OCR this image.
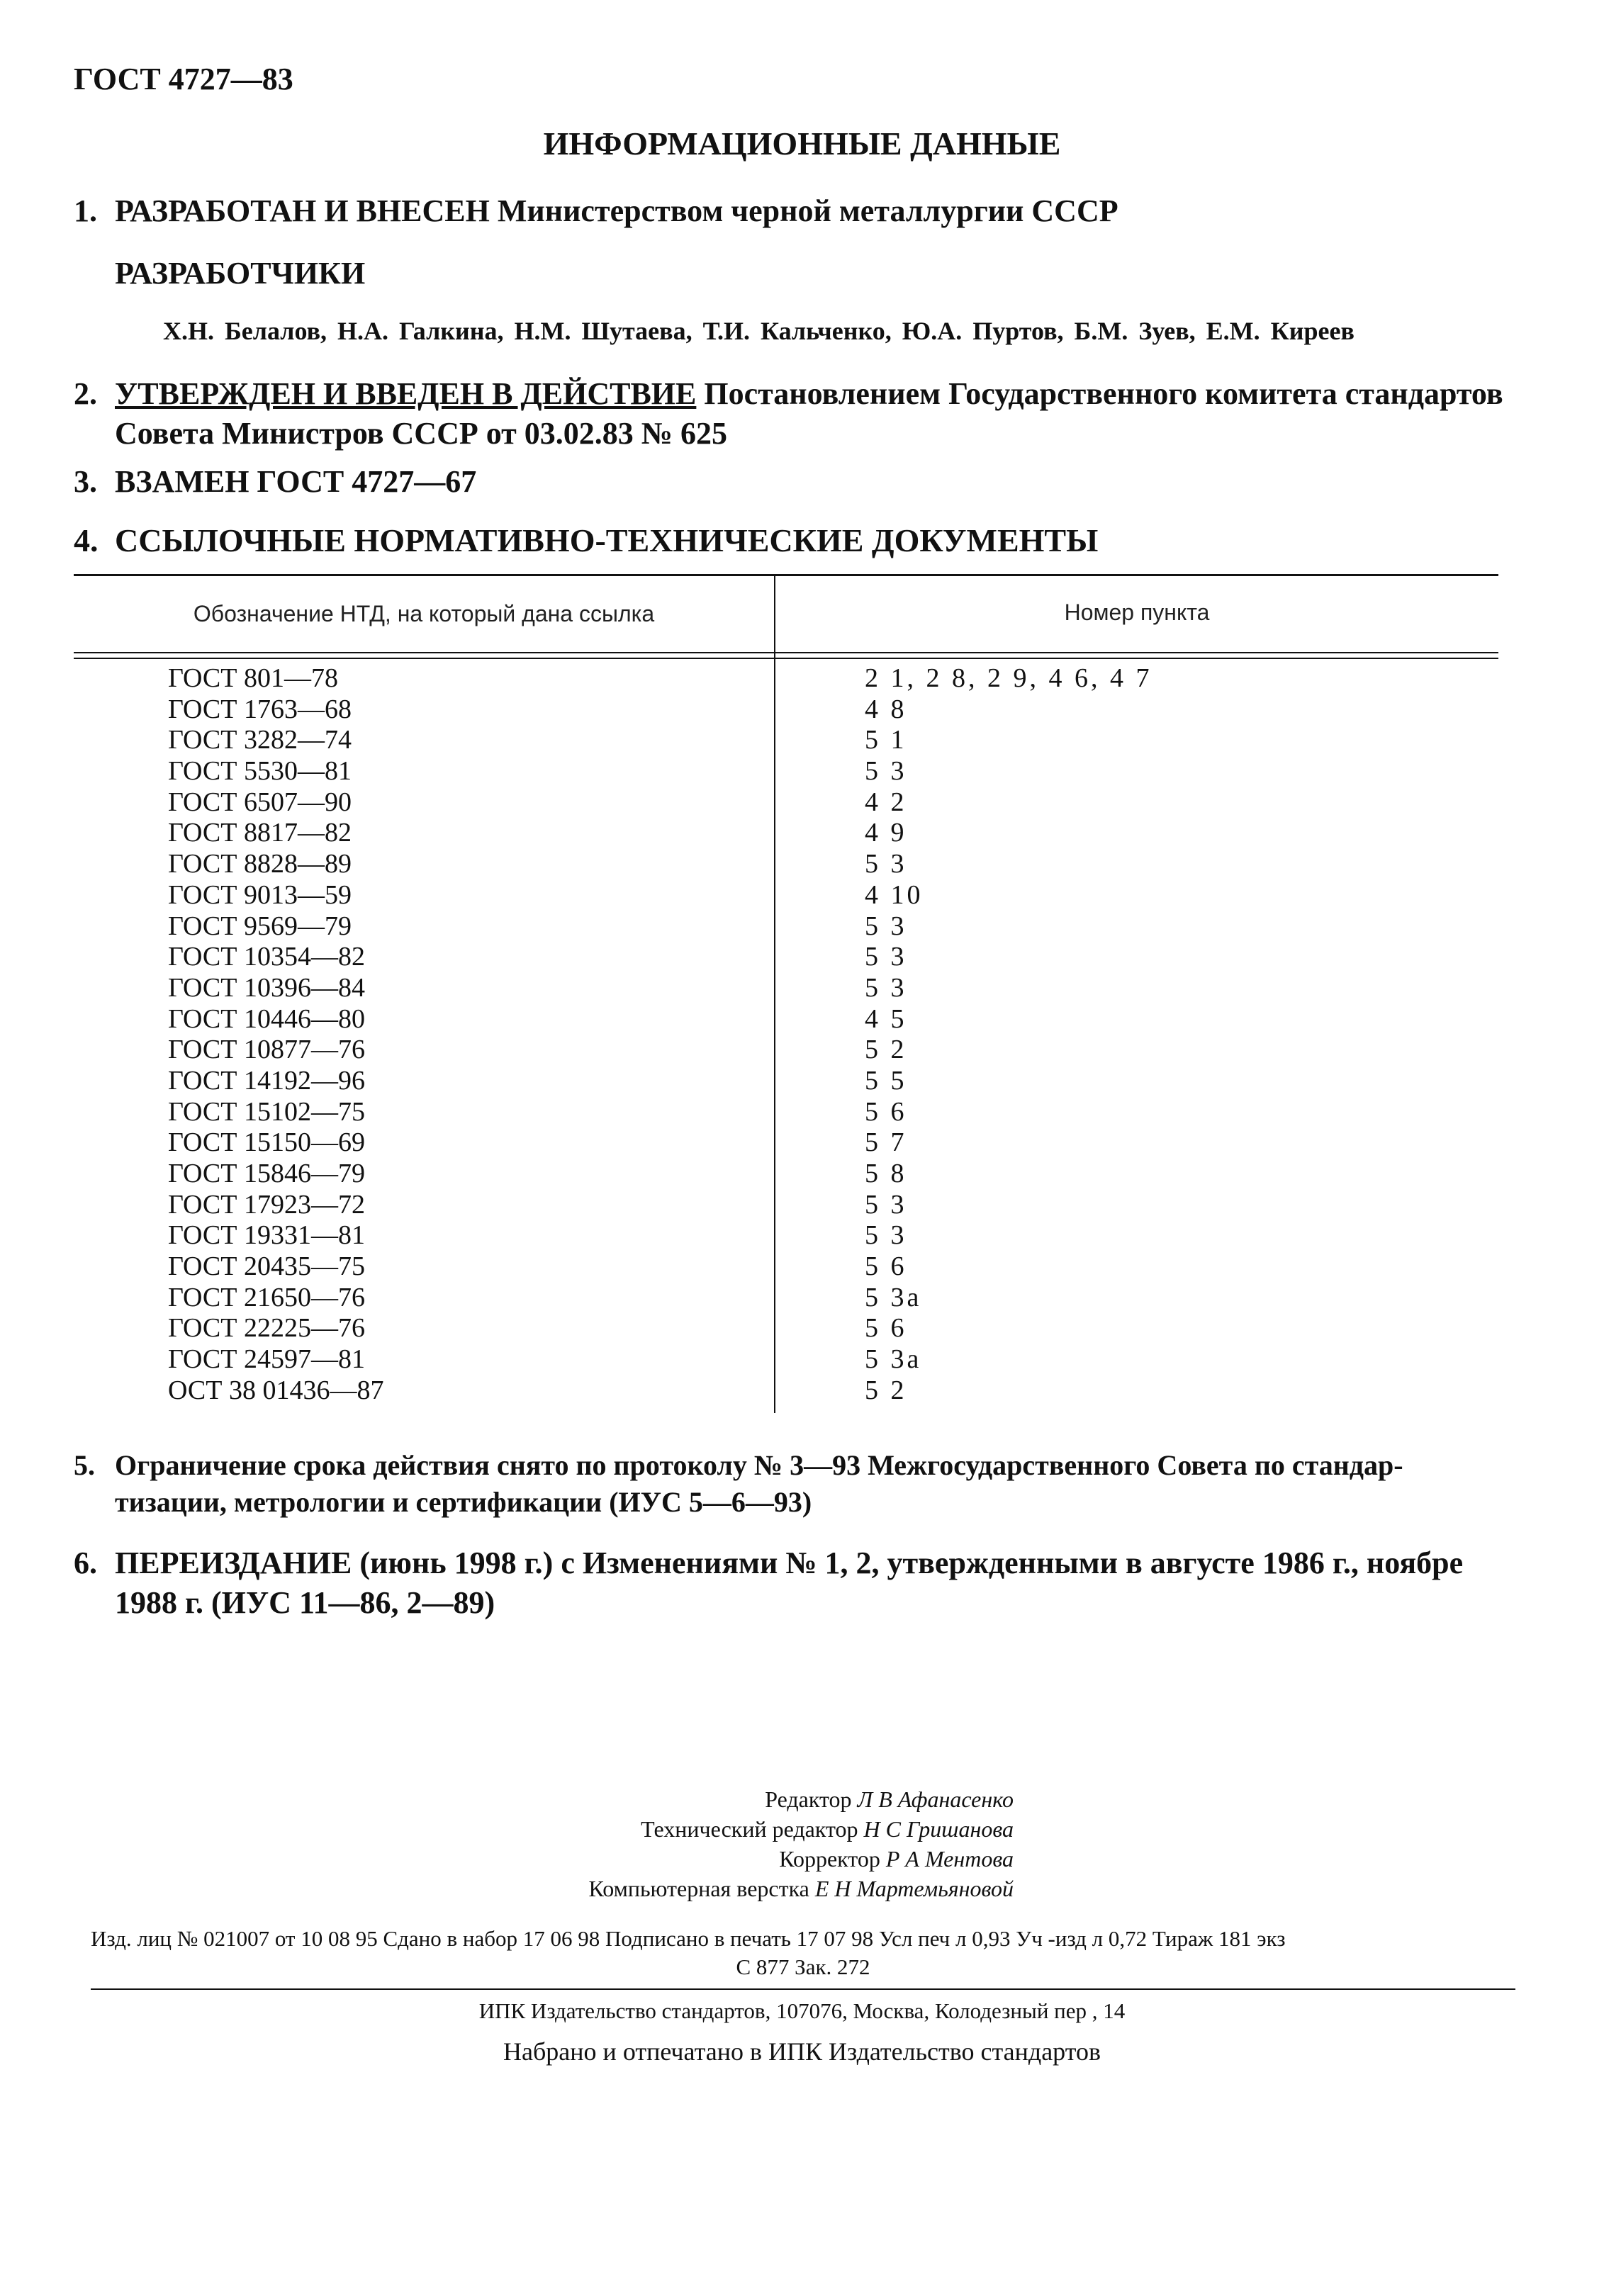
ГОСТ 4727—83
ИНФОРМАЦИОННЫЕ ДАННЫЕ
1. РАЗРАБОТАН И ВНЕСЕН Министерством черной металлургии СССР
РАЗРАБОТЧИКИ
Х.Н. Белалов, Н.А. Галкина, Н.М. Шутаева, Т.И. Кальченко, Ю.А. Пуртов, Б.М. Зуев, Е.М. Киреев
2. УТВЕРЖДЕН И ВВЕДЕН В ДЕЙСТВИЕ Постановлением Государственного комитета стандартов
Совета Министров СССР от 03.02.83 № 625
3. ВЗАМЕН ГОСТ 4727—67
4. ССЫЛОЧНЫЕ НОРМАТИВНО-ТЕХНИЧЕСКИЕ ДОКУМЕНТЫ
Обозначение НТД, на который дана ссылка	Номер пункта
ГОСТ 801—78	2 1, 2 8, 2 9, 4 6, 4 7
ГОСТ 1763—68	4 8
ГОСТ 3282—74	5 1
ГОСТ 5530—81	5 3
ГОСТ 6507—90	4 2
ГОСТ 8817—82	4 9
ГОСТ 8828—89	5 3
ГОСТ 9013—59	4 10
ГОСТ 9569—79	5 3
ГОСТ 10354—82	5 3
ГОСТ 10396—84	5 3
ГОСТ 10446—80	4 5
ГОСТ 10877—76	5 2
ГОСТ 14192—96	5 5
ГОСТ 15102—75	5 6
ГОСТ 15150—69	5 7
ГОСТ 15846—79	5 8
ГОСТ 17923—72	5 3
ГОСТ 19331—81	5 3
ГОСТ 20435—75	5 6
ГОСТ 21650—76	5 3а
ГОСТ 22225—76	5 6
ГОСТ 24597—81	5 3а
ОСТ 38 01436—87	5 2
5. Ограничение срока действия снято по протоколу № 3—93 Межгосударственного Совета по стандар-
тизации, метрологии и сертификации (ИУС 5—6—93)
6. ПЕРЕИЗДАНИЕ (июнь 1998 г.) с Изменениями № 1, 2, утвержденными в августе 1986 г., ноябре
1988 г. (ИУС 11—86, 2—89)
Редактор Л В Афанасенко
Технический редактор Н С Гришанова
Корректор Р А Ментова
Компьютерная верстка Е Н Мартемьяновой
Изд. лиц № 021007 от 10 08 95 Сдано в набор 17 06 98 Подписано в печать 17 07 98 Усл печ л 0,93 Уч -изд л 0,72 Тираж 181 экз
С 877 Зак. 272
ИПК Издательство стандартов, 107076, Москва, Колодезный пер , 14
Набрано и отпечатано в ИПК Издательство стандартов
